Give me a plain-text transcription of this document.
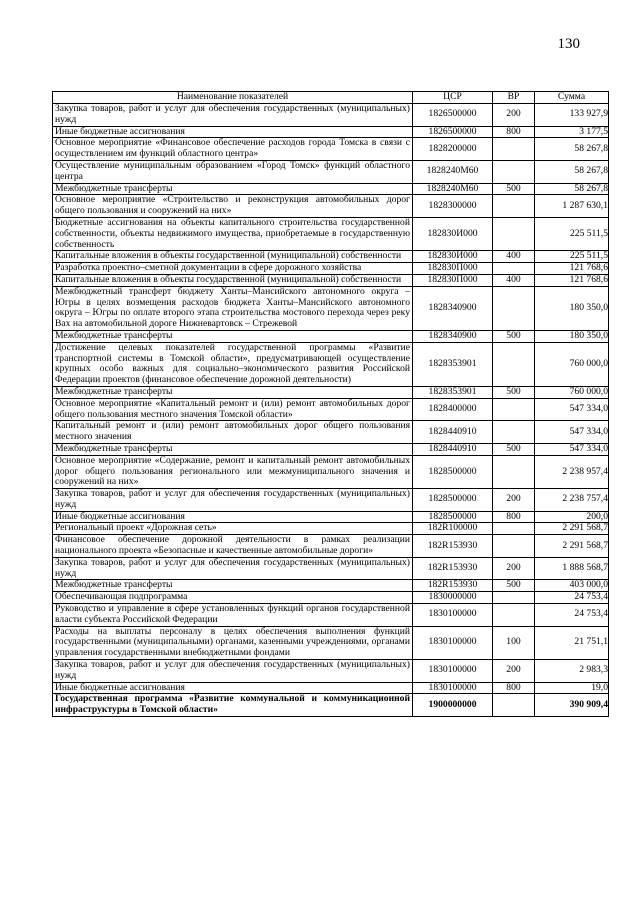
130
Наименование показателей	ЦСР	ВР	Сумма
Закупка товаров, работ и услуг для обеспечения государственных (муниципальных) нужд	1826500000	200	133 927,9
Иные бюджетные ассигнования	1826500000	800	3 177,5
Основное мероприятие «Финансовое обеспечение расходов города Томска в связи с осуществлением им функций областного центра»	1828200000		58 267,8
Осуществление муниципальным образованием «Город Томск» функций областного центра	1828240М60		58 267,8
Межбюджетные трансферты	1828240М60	500	58 267,8
Основное мероприятие «Строительство и реконструкция автомобильных дорог общего пользования и сооружений на них»	1828300000		1 287 630,1
Бюджетные ассигнования на объекты капитального строительства государственной собственности, объекты недвижимого имущества, приобретаемые в государственную собственность	182830И000		225 511,5
Капитальные вложения в объекты государственной (муниципальной) собственности	182830И000	400	225 511,5
Разработка проектно–сметной документации в сфере дорожного хозяйства	182830П000		121 768,6
Капитальные вложения в объекты государственной (муниципальной) собственности	182830П000	400	121 768,6
Межбюджетный трансферт бюджету Ханты–Мансийского автономного округа – Югры в целях возмещения расходов бюджета Ханты–Мансийского автономного округа – Югры по оплате второго этапа строительства мостового перехода через реку Вах на автомобильной дороге Нижневартовск – Стрежевой	1828340900		180 350,0
Межбюджетные трансферты	1828340900	500	180 350,0
Достижение целевых показателей государственной программы «Развитие транспортной системы в Томской области», предусматривающей осуществление крупных особо важных для социально–экономического развития Российской Федерации проектов (финансовое обеспечение дорожной деятельности)	1828353901		760 000,0
Межбюджетные трансферты	1828353901	500	760 000,0
Основное мероприятие «Капитальный ремонт и (или) ремонт автомобильных дорог общего пользования местного значения Томской области»	1828400000		547 334,0
Капитальный ремонт и (или) ремонт автомобильных дорог общего пользования местного значения	1828440910		547 334,0
Межбюджетные трансферты	1828440910	500	547 334,0
Основное мероприятие «Содержание, ремонт и капитальный ремонт автомобильных дорог общего пользования регионального или межмуниципального значения и сооружений на них»	1828500000		2 238 957,4
Закупка товаров, работ и услуг для обеспечения государственных (муниципальных) нужд	1828500000	200	2 238 757,4
Иные бюджетные ассигнования	1828500000	800	200,0
Региональный проект «Дорожная сеть»	182R100000		2 291 568,7
Финансовое обеспечение дорожной деятельности в рамках реализации национального проекта «Безопасные и качественные автомобильные дороги»	182R153930		2 291 568,7
Закупка товаров, работ и услуг для обеспечения государственных (муниципальных) нужд	182R153930	200	1 888 568,7
Межбюджетные трансферты	182R153930	500	403 000,0
Обеспечивающая подпрограмма	1830000000		24 753,4
Руководство и управление в сфере установленных функций органов государственной власти субъекта Российской Федерации	1830100000		24 753,4
Расходы на выплаты персоналу в целях обеспечения выполнения функций государственными (муниципальными) органами, казенными учреждениями, органами управления государственными внебюджетными фондами	1830100000	100	21 751,1
Закупка товаров, работ и услуг для обеспечения государственных (муниципальных) нужд	1830100000	200	2 983,3
Иные бюджетные ассигнования	1830100000	800	19,0
Государственная программа «Развитие коммунальной и коммуникационной инфраструктуры в Томской области»	1900000000		390 909,4
